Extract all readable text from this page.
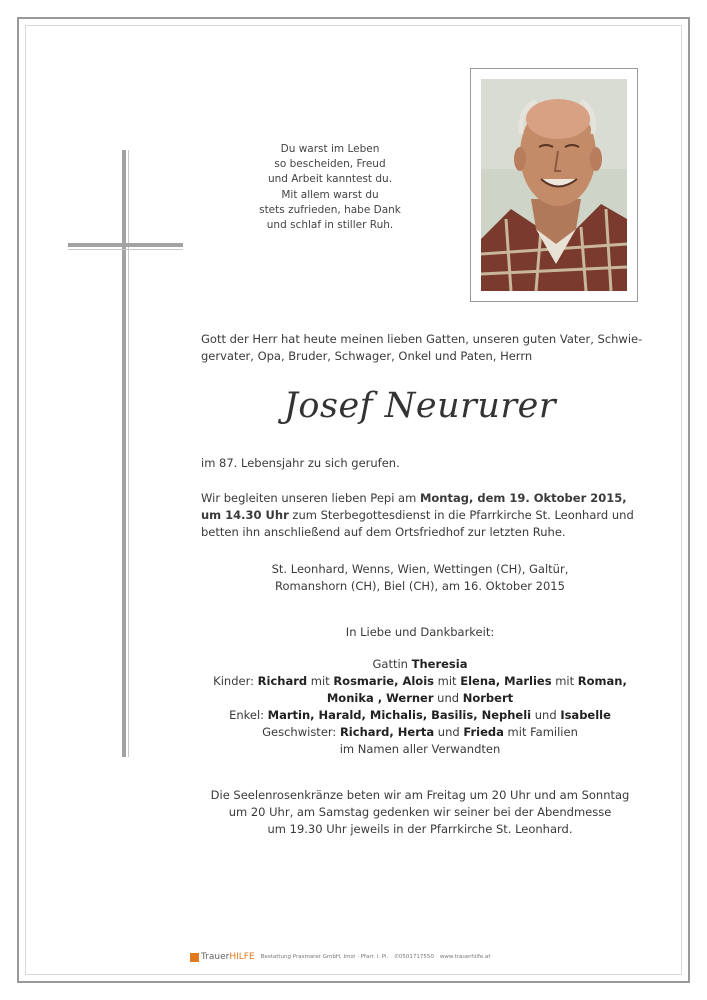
Du warst im Leben
so bescheiden, Freud
und Arbeit kanntest du.
Mit allem warst du
stets zufrieden, habe Dank
und schlaf in stiller Ruh.
Gott der Herr hat heute meinen lieben Gatten, unseren guten Vater, Schwie-
gervater, Opa, Bruder, Schwager, Onkel und Paten, Herrn
Josef Neururer
im 87. Lebensjahr zu sich gerufen.
Wir begleiten unseren lieben Pepi am Montag, dem 19. Oktober 2015,
um 14.30 Uhr zum Sterbegottesdienst in die Pfarrkirche St. Leonhard und
betten ihn anschließend auf dem Ortsfriedhof zur letzten Ruhe.
St. Leonhard, Wenns, Wien, Wettingen (CH), Galtür,
Romanshorn (CH), Biel (CH), am 16. Oktober 2015
In Liebe und Dankbarkeit:
Gattin Theresia
Kinder: Richard mit Rosmarie, Alois mit Elena, Marlies mit Roman,
Monika , Werner und Norbert
Enkel: Martin, Harald, Michalis, Basilis, Nepheli und Isabelle
Geschwister: Richard, Herta und Frieda mit Familien
im Namen aller Verwandten
Die Seelenrosenkränze beten wir am Freitag um 20 Uhr und am Sonntag
um 20 Uhr, am Samstag gedenken wir seiner bei der Abendmesse
um 19.30 Uhr jeweils in der Pfarrkirche St. Leonhard.
TrauerHILFE Bestattung Prasmarer GmbH, Imst · Pfarr. i. Pi. ✆0501717550 www.trauerhilfe.at
